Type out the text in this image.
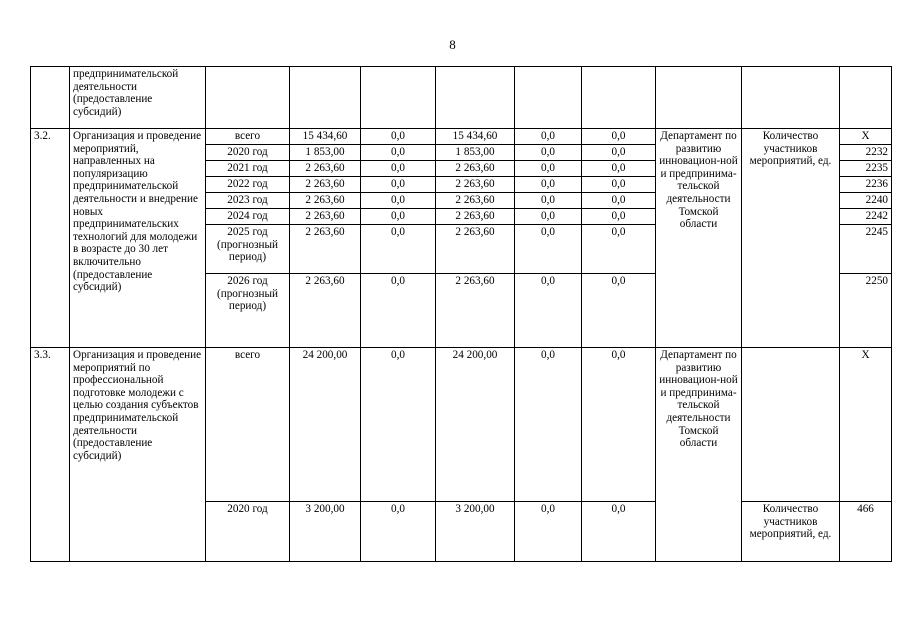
8
	предпринимательской деятельности (предоставление субсидий)									
3.2.	Организация и проведение мероприятий, направленных на популяризацию предпринимательской деятельности и внедрение новых предпринимательских технологий для молодежи в возрасте до 30 лет включительно (предоставление субсидий)	всего	15 434,60	0,0	15 434,60	0,0	0,0	Департамент по развитию инновацион-ной и предпринима-тельской деятельности Томской области	Количество участников мероприятий, ед.	X
		2020 год	1 853,00	0,0	1 853,00	0,0	0,0			2232
		2021 год	2 263,60	0,0	2 263,60	0,0	0,0			2235
		2022 год	2 263,60	0,0	2 263,60	0,0	0,0			2236
		2023 год	2 263,60	0,0	2 263,60	0,0	0,0			2240
		2024 год	2 263,60	0,0	2 263,60	0,0	0,0			2242
		2025 год (прогнозный период)	2 263,60	0,0	2 263,60	0,0	0,0			2245
		2026 год (прогнозный период)	2 263,60	0,0	2 263,60	0,0	0,0			2250
3.3.	Организация и проведение мероприятий по профессиональной подготовке молодежи с целью создания субъектов предпринимательской деятельности (предоставление субсидий)	всего	24 200,00	0,0	24 200,00	0,0	0,0	Департамент по развитию инновацион-ной и предпринима-тельской деятельности Томской области		X
		2020 год	3 200,00	0,0	3 200,00	0,0	0,0		Количество участников мероприятий, ед.	466
